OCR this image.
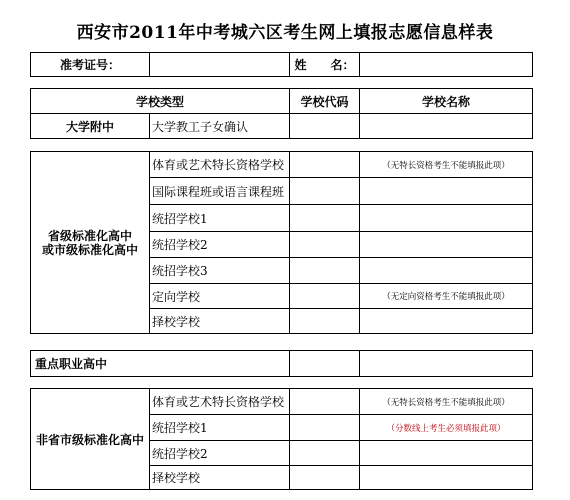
西安市2011年中考城六区考生网上填报志愿信息样表
准考证号：		姓　　名：	
学校类型		学校代码	学校名称
大学附中	大学教工子女确认		
省级标准化高中
或市级标准化高中	体育或艺术特长资格学校		（无特长资格考生不能填报此项）
	国际课程班或语言课程班		
	统招学校1		
	统招学校2		
	统招学校3		
	定向学校		（无定向资格考生不能填报此项）
	择校学校		
重点职业高中		
非省市级标准化高中	体育或艺术特长资格学校		（无特长资格考生不能填报此项）
	统招学校1		（分数线上考生必须填报此项）
	统招学校2		
	择校学校		
